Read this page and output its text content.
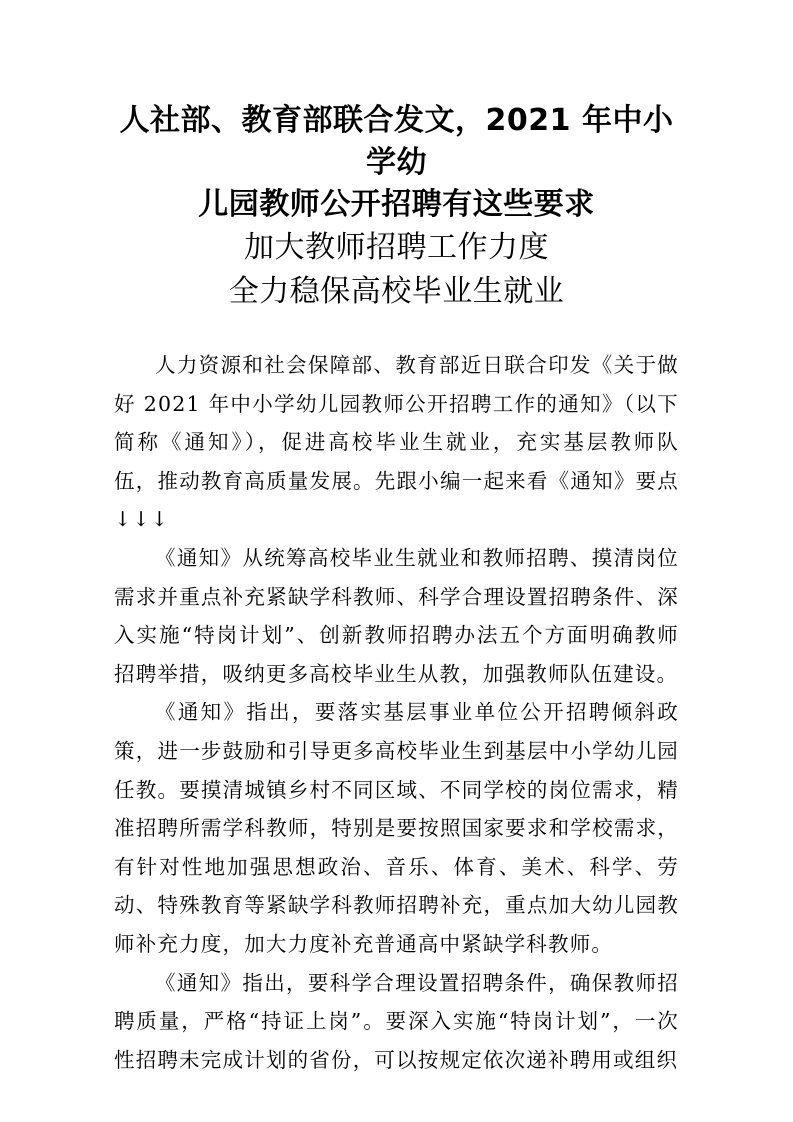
人社部、教育部联合发文，2021 年中小学幼

儿园教师公开招聘有这些要求

加大教师招聘工作力度

全力稳保高校毕业生就业

人力资源和社会保障部、教育部近日联合印发《关于做好 2021 年中小学幼儿园教师公开招聘工作的通知》（以下简称《通知》），促进高校毕业生就业，充实基层教师队伍，推动教育高质量发展。先跟小编一起来看《通知》要点↓↓↓

《通知》从统筹高校毕业生就业和教师招聘、摸清岗位需求并重点补充紧缺学科教师、科学合理设置招聘条件、深入实施“特岗计划”、创新教师招聘办法五个方面明确教师招聘举措，吸纳更多高校毕业生从教，加强教师队伍建设。

《通知》指出，要落实基层事业单位公开招聘倾斜政策，进一步鼓励和引导更多高校毕业生到基层中小学幼儿园任教。要摸清城镇乡村不同区域、不同学校的岗位需求，精准招聘所需学科教师，特别是要按照国家要求和学校需求，有针对性地加强思想政治、音乐、体育、美术、科学、劳动、特殊教育等紧缺学科教师招聘补充，重点加大幼儿园教师补充力度，加大力度补充普通高中紧缺学科教师。

《通知》指出，要科学合理设置招聘条件，确保教师招聘质量，严格“持证上岗”。要深入实施“特岗计划”，一次性招聘未完成计划的省份，可以按规定依次递补聘用或组织
